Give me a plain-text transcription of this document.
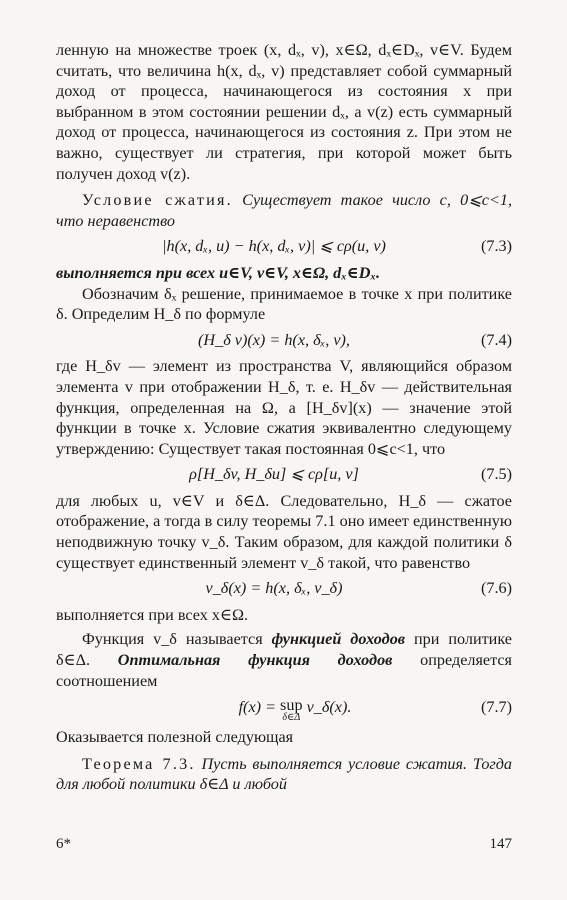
ленную на множестве троек (x, dₓ, v), x∈Ω, dₓ∈Dₓ, v∈V. Будем считать, что величина h(x, dₓ, v) представляет собой суммарный доход от процесса, начинающегося из состояния x при выбранном в этом состоянии решении dₓ, а v(z) есть суммарный доход от процесса, начинающегося из состояния z. При этом не важно, существует ли стратегия, при которой может быть получен доход v(z).

Условие сжатия. Существует такое число c, 0⩽c<1, что неравенство

|h(x, dₓ, u) − h(x, dₓ, v)| ⩽ cρ(u, v)	(7.3)

выполняется при всех u∈V, v∈V, x∈Ω, dₓ∈Dₓ.

Обозначим δₓ решение, принимаемое в точке x при политике δ. Определим H_δ по формуле

(H_δ v)(x) = h(x, δₓ, v),	(7.4)

где H_δv — элемент из пространства V, являющийся образом элемента v при отображении H_δ, т. е. H_δv — действительная функция, определенная на Ω, а [H_δv](x) — значение этой функции в точке x. Условие сжатия эквивалентно следующему утверждению: Существует такая постоянная 0⩽c<1, что

ρ[H_δv, H_δu] ⩽ cρ[u, v]	(7.5)

для любых u, v∈V и δ∈Δ. Следовательно, H_δ — сжатое отображение, а тогда в силу теоремы 7.1 оно имеет единственную неподвижную точку v_δ. Таким образом, для каждой политики δ существует единственный элемент v_δ такой, что равенство

v_δ(x) = h(x, δₓ, v_δ)	(7.6)

выполняется при всех x∈Ω.

Функция v_δ называется функцией доходов при политике δ∈Δ. Оптимальная функция доходов определяется соотношением

f(x) = sup
δ∈Δ
v_δ(x).	(7.7)

Оказывается полезной следующая

Теорема 7.3. Пусть выполняется условие сжатия. Тогда для любой политики δ∈Δ и любой

6*	147
